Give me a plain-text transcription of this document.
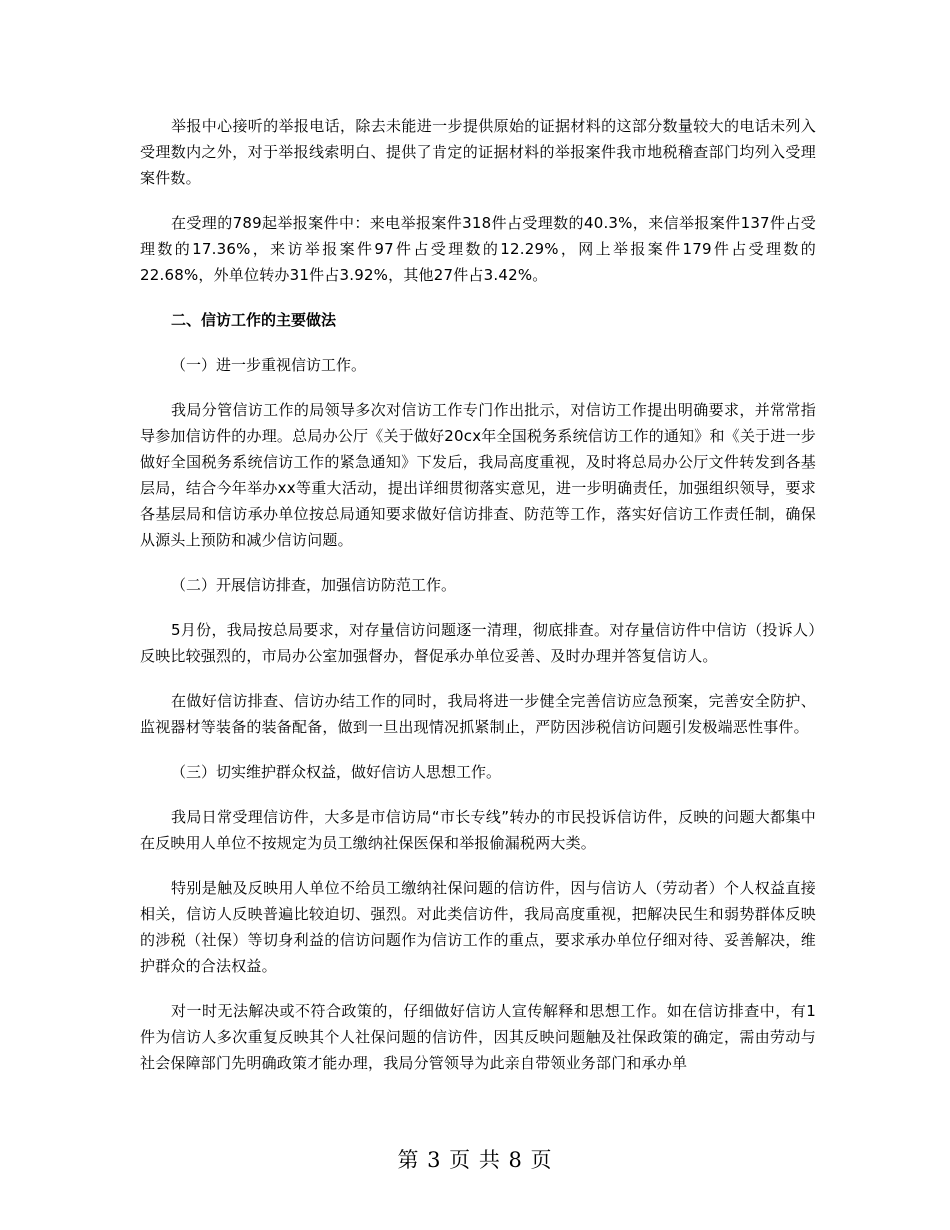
举报中心接听的举报电话，除去未能进一步提供原始的证据材料的这部分数量较大的电话未列入受理数内之外，对于举报线索明白、提供了肯定的证据材料的举报案件我市地税稽查部门均列入受理案件数。

在受理的789起举报案件中：来电举报案件318件占受理数的40.3%，来信举报案件137件占受理数的17.36%，来访举报案件97件占受理数的12.29%，网上举报案件179件占受理数的22.68%，外单位转办31件占3.92%，其他27件占3.42%。

二、信访工作的主要做法

（一）进一步重视信访工作。

我局分管信访工作的局领导多次对信访工作专门作出批示，对信访工作提出明确要求，并常常指导参加信访件的办理。总局办公厅《关于做好20cx年全国税务系统信访工作的通知》和《关于进一步做好全国税务系统信访工作的紧急通知》下发后，我局高度重视，及时将总局办公厅文件转发到各基层局，结合今年举办xx等重大活动，提出详细贯彻落实意见，进一步明确责任，加强组织领导，要求各基层局和信访承办单位按总局通知要求做好信访排查、防范等工作，落实好信访工作责任制，确保从源头上预防和减少信访问题。

（二）开展信访排查，加强信访防范工作。

5月份，我局按总局要求，对存量信访问题逐一清理，彻底排查。对存量信访件中信访（投诉人）反映比较强烈的，市局办公室加强督办，督促承办单位妥善、及时办理并答复信访人。

在做好信访排查、信访办结工作的同时，我局将进一步健全完善信访应急预案，完善安全防护、监视器材等装备的装备配备，做到一旦出现情况抓紧制止，严防因涉税信访问题引发极端恶性事件。

（三）切实维护群众权益，做好信访人思想工作。

我局日常受理信访件，大多是市信访局“市长专线”转办的市民投诉信访件，反映的问题大都集中在反映用人单位不按规定为员工缴纳社保医保和举报偷漏税两大类。

特别是触及反映用人单位不给员工缴纳社保问题的信访件，因与信访人（劳动者）个人权益直接相关，信访人反映普遍比较迫切、强烈。对此类信访件，我局高度重视，把解决民生和弱势群体反映的涉税（社保）等切身利益的信访问题作为信访工作的重点，要求承办单位仔细对待、妥善解决，维护群众的合法权益。

对一时无法解决或不符合政策的，仔细做好信访人宣传解释和思想工作。如在信访排查中，有1件为信访人多次重复反映其个人社保问题的信访件，因其反映问题触及社保政策的确定，需由劳动与社会保障部门先明确政策才能办理，我局分管领导为此亲自带领业务部门和承办单

第 3 页 共 8 页
